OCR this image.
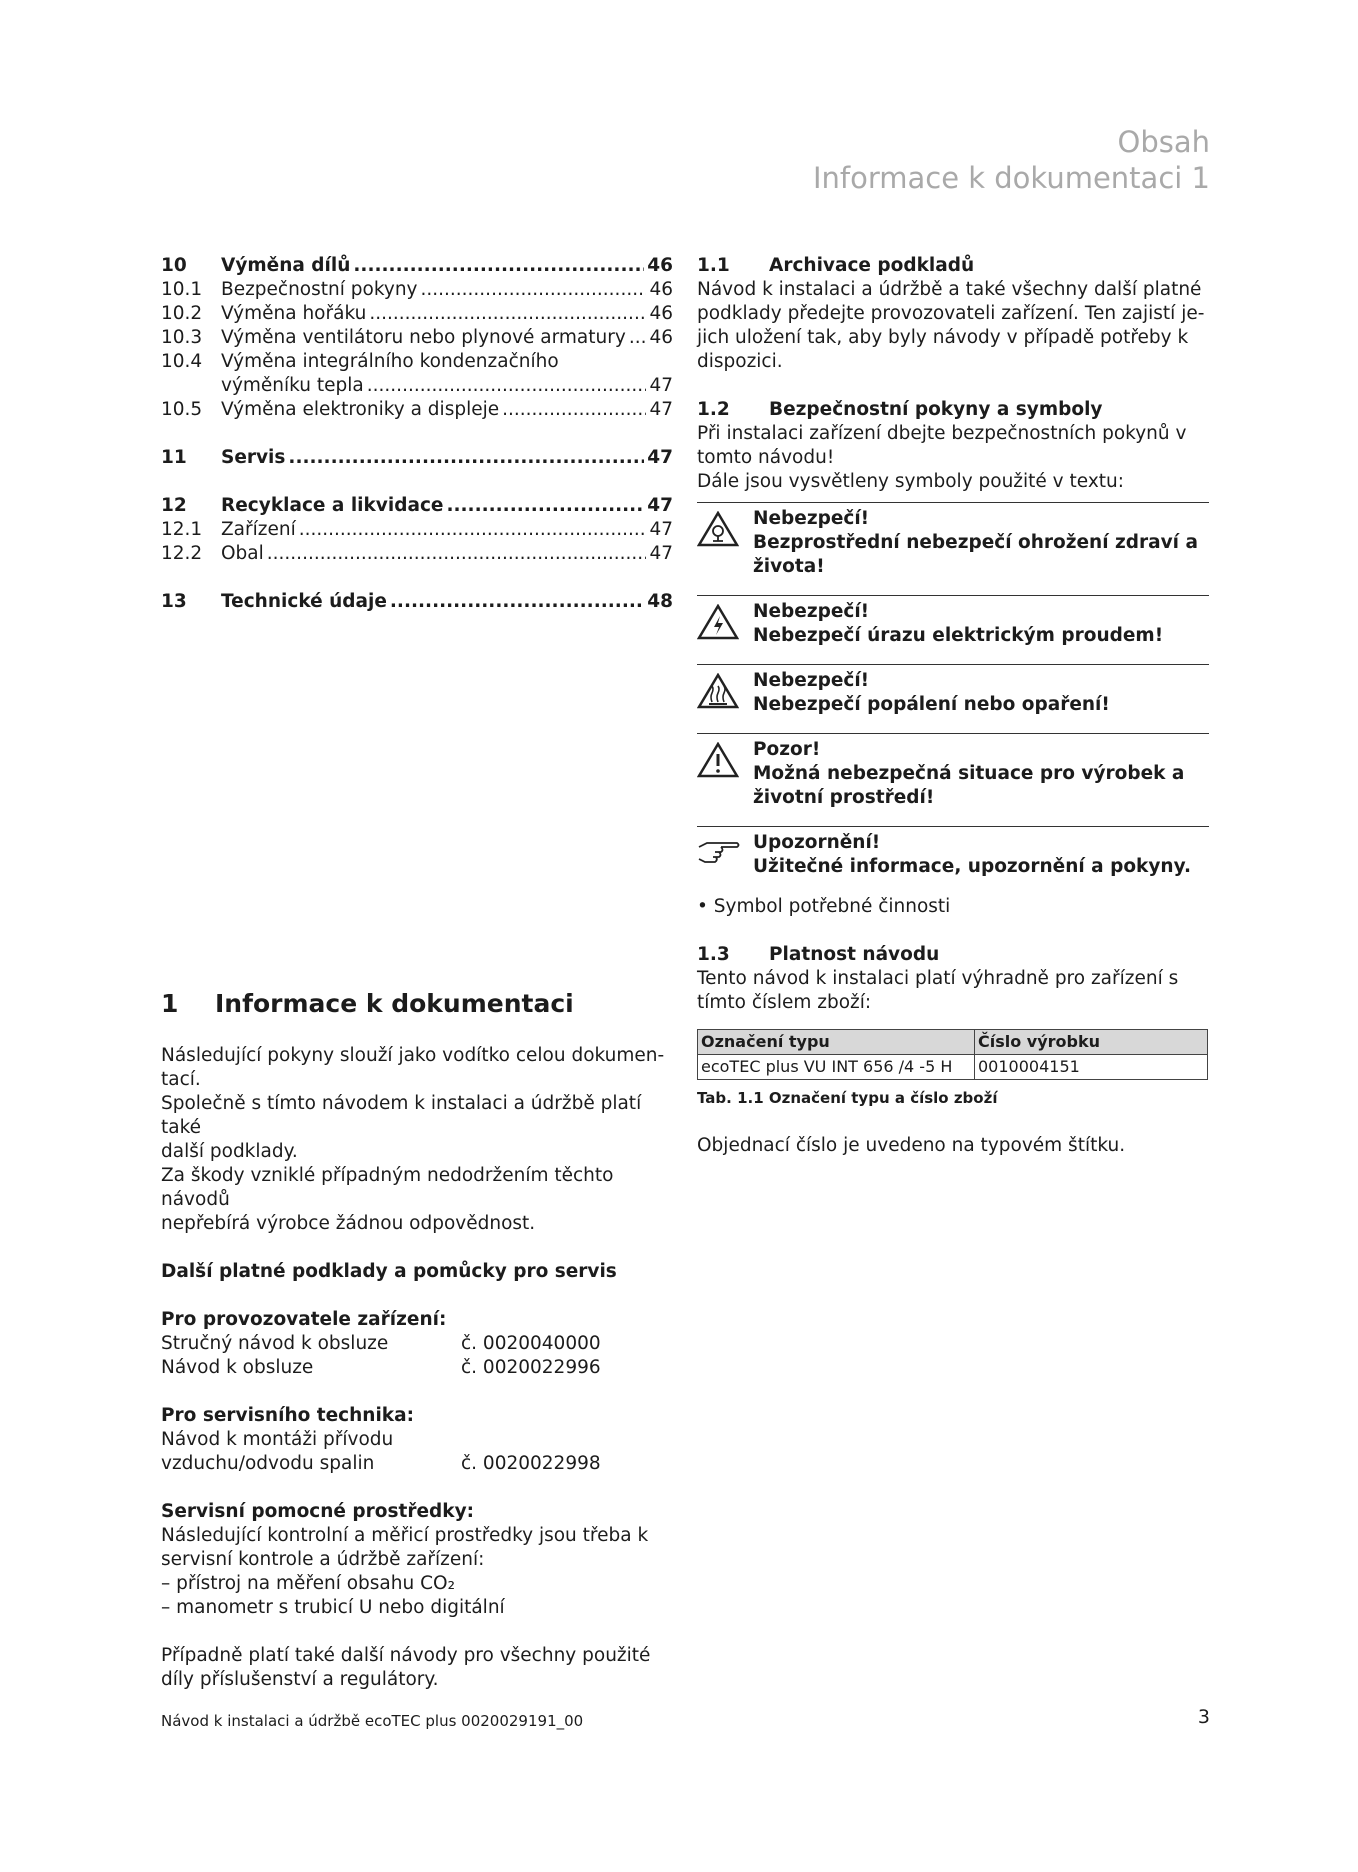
Obsah
Informace k dokumentaci 1
10	Výměna dílů .....	46
10.1	Bezpečnostní pokyny .....	46
10.2	Výměna hořáku .....	46
10.3	Výměna ventilátoru nebo plynové armatury ..... 46
10.4	Výměna integrálního kondenzačního
výměníku tepla .....	47
10.5	Výměna elektroniky a displeje .....	47
11	Servis .....	47
12	Recyklace a likvidace .....	47
12.1	Zařízení .....	47
12.2	Obal .....	47
13	Technické údaje .....	48
1	Informace k dokumentaci
Následující pokyny slouží jako vodítko celou dokumen-
tací.
Společně s tímto návodem k instalaci a údržbě platí také
další podklady.
Za škody vzniklé případným nedodržením těchto návodů
nepřebírá výrobce žádnou odpovědnost.
Další platné podklady a pomůcky pro servis
Pro provozovatele zařízení:
Stručný návod k obsluze	č. 0020040000
Návod k obsluze	č. 0020022996
Pro servisního technika:
Návod k montáži přívodu
vzduchu/odvodu spalin	č. 0020022998
Servisní pomocné prostředky:
Následující kontrolní a měřicí prostředky jsou třeba k
servisní kontrole a údržbě zařízení:
– přístroj na měření obsahu CO₂
– manometr s trubicí U nebo digitální
Případně platí také další návody pro všechny použité
díly příslušenství a regulátory.
1.1	Archivace podkladů
Návod k instalaci a údržbě a také všechny další platné
podklady předejte provozovateli zařízení. Ten zajistí je-
jich uložení tak, aby byly návody v případě potřeby k
dispozici.
1.2	Bezpečnostní pokyny a symboly
Při instalaci zařízení dbejte bezpečnostních pokynů v
tomto návodu!
Dále jsou vysvětleny symboly použité v textu:
Nebezpečí!
Bezprostřední nebezpečí ohrožení zdraví a
života!
Nebezpečí!
Nebezpečí úrazu elektrickým proudem!
Nebezpečí!
Nebezpečí popálení nebo opaření!
Pozor!
Možná nebezpečná situace pro výrobek a
životní prostředí!
Upozornění!
Užitečné informace, upozornění a pokyny.
• Symbol potřebné činnosti
1.3	Platnost návodu
Tento návod k instalaci platí výhradně pro zařízení s
tímto číslem zboží:
Označení typu	Číslo výrobku
ecoTEC plus VU INT 656 /4 -5 H	0010004151
Tab. 1.1 Označení typu a číslo zboží
Objednací číslo je uvedeno na typovém štítku.
Návod k instalaci a údržbě ecoTEC plus 0020029191_00	3
